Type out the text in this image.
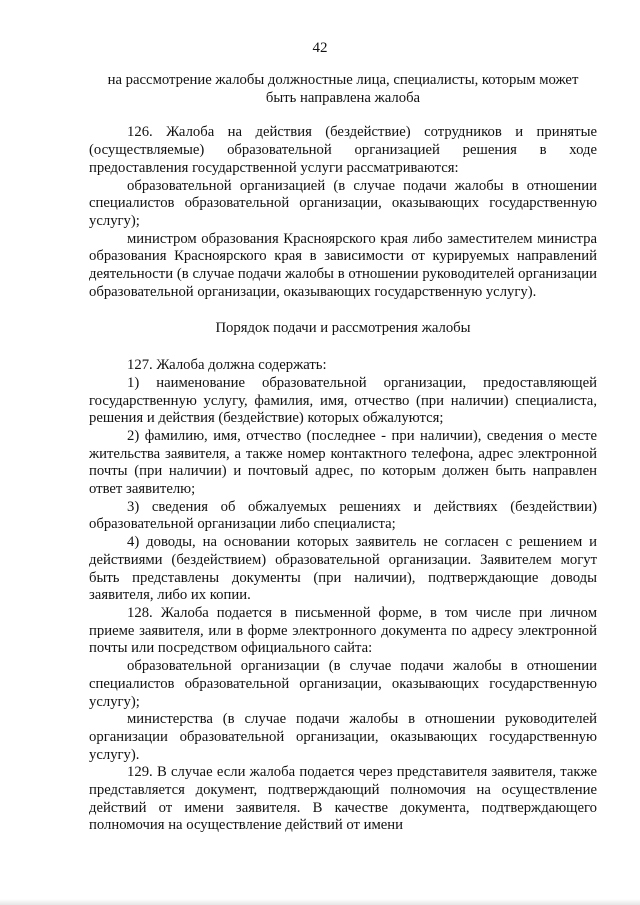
42
на рассмотрение жалобы должностные лица, специалисты, которым может быть направлена жалоба

126. Жалоба на действия (бездействие) сотрудников и принятые (осуществляемые) образовательной организацией решения в ходе предоставления государственной услуги рассматриваются:

образовательной организацией (в случае подачи жалобы в отношении специалистов образовательной организации, оказывающих государственную услугу);

министром образования Красноярского края либо заместителем министра образования Красноярского края в зависимости от курируемых направлений деятельности (в случае подачи жалобы в отношении руководителей организации образовательной организации, оказывающих государственную услугу).

Порядок подачи и рассмотрения жалобы

127. Жалоба должна содержать:

1) наименование образовательной организации, предоставляющей государственную услугу, фамилия, имя, отчество (при наличии) специалиста, решения и действия (бездействие) которых обжалуются;

2) фамилию, имя, отчество (последнее - при наличии), сведения о месте жительства заявителя, а также номер контактного телефона, адрес электронной почты (при наличии) и почтовый адрес, по которым должен быть направлен ответ заявителю;

3) сведения об обжалуемых решениях и действиях (бездействии) образовательной организации либо специалиста;

4) доводы, на основании которых заявитель не согласен с решением и действиями (бездействием) образовательной организации. Заявителем могут быть представлены документы (при наличии), подтверждающие доводы заявителя, либо их копии.

128. Жалоба подается в письменной форме, в том числе при личном приеме заявителя, или в форме электронного документа по адресу электронной почты или посредством официального сайта:

образовательной организации (в случае подачи жалобы в отношении специалистов образовательной организации, оказывающих государственную услугу);

министерства (в случае подачи жалобы в отношении руководителей организации образовательной организации, оказывающих государственную услугу).

129. В случае если жалоба подается через представителя заявителя, также представляется документ, подтверждающий полномочия на осуществление действий от имени заявителя. В качестве документа, подтверждающего полномочия на осуществление действий от имени
